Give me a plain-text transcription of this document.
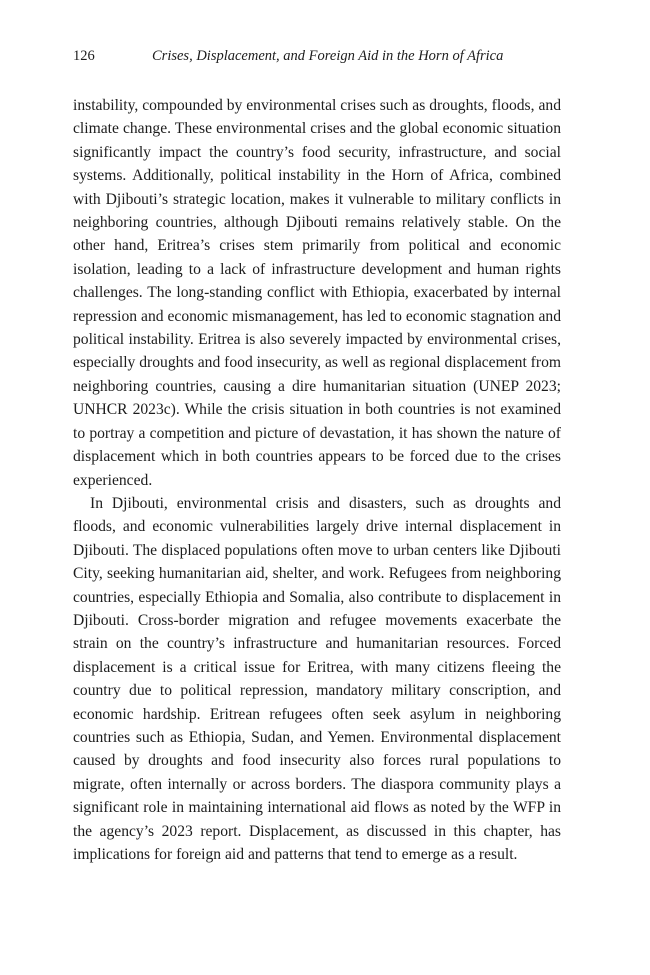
126	Crises, Displacement, and Foreign Aid in the Horn of Africa

instability, compounded by environmental crises such as droughts, floods, and climate change. These environmental crises and the global economic situation significantly impact the country’s food security, infrastructure, and social systems. Additionally, political instability in the Horn of Africa, combined with Djibouti’s strategic location, makes it vulnerable to military conflicts in neighboring countries, although Djibouti remains relatively stable. On the other hand, Eritrea’s crises stem primarily from political and economic isolation, leading to a lack of infrastructure development and human rights challenges. The long-standing conflict with Ethiopia, exacerbated by internal repression and economic mismanagement, has led to economic stagnation and political instability. Eritrea is also severely impacted by environmental crises, especially droughts and food insecurity, as well as regional displacement from neighboring countries, causing a dire humanitarian situation (UNEP 2023; UNHCR 2023c). While the crisis situation in both countries is not examined to portray a competition and picture of devastation, it has shown the nature of displacement which in both countries appears to be forced due to the crises experienced.

In Djibouti, environmental crisis and disasters, such as droughts and floods, and economic vulnerabilities largely drive internal displacement in Djibouti. The displaced populations often move to urban centers like Djibouti City, seeking humanitarian aid, shelter, and work. Refugees from neighboring countries, especially Ethiopia and Somalia, also contribute to displacement in Djibouti. Cross-border migration and refugee movements exacerbate the strain on the country’s infrastructure and humanitarian resources. Forced displacement is a critical issue for Eritrea, with many citizens fleeing the country due to political repression, mandatory military conscription, and economic hardship. Eritrean refugees often seek asylum in neighboring countries such as Ethiopia, Sudan, and Yemen. Environmental displacement caused by droughts and food insecurity also forces rural populations to migrate, often internally or across borders. The diaspora community plays a significant role in maintaining international aid flows as noted by the WFP in the agency’s 2023 report. Displacement, as discussed in this chapter, has implications for foreign aid and patterns that tend to emerge as a result.
